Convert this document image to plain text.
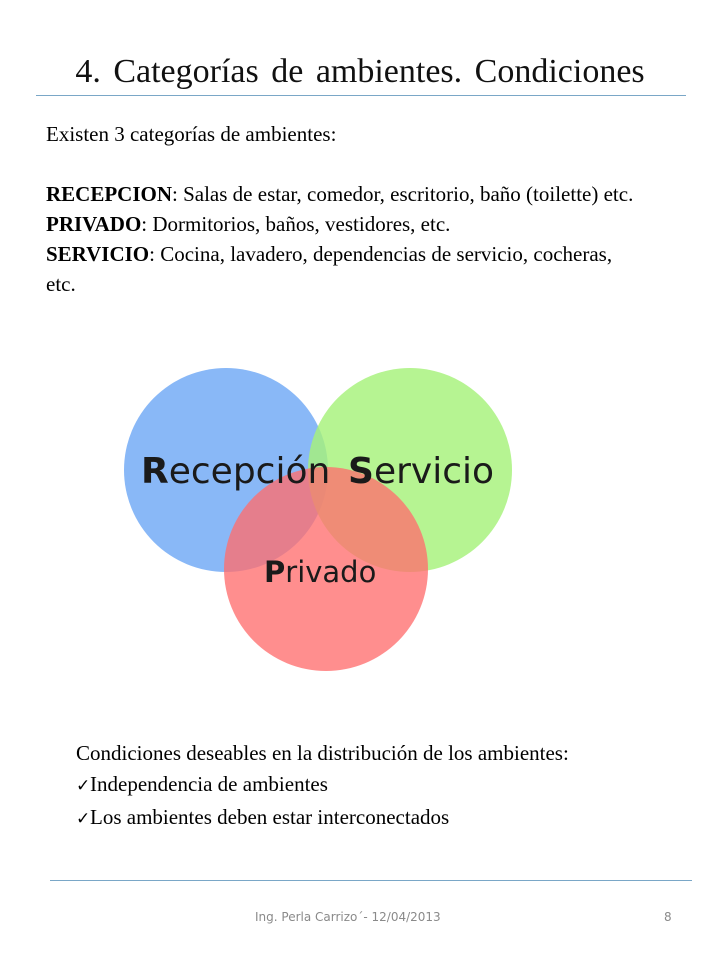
4. Categorías de ambientes. Condiciones

Existen 3 categorías de ambientes:

RECEPCION: Salas de estar, comedor, escritorio, baño (toilette) etc.

PRIVADO: Dormitorios, baños, vestidores, etc.

SERVICIO: Cocina, lavadero, dependencias de servicio, cocheras, etc.

Recepción Servicio
Privado

Condiciones deseables en la distribución de los ambientes:

✓Independencia de ambientes

✓Los ambientes deben estar interconectados

Ing. Perla Carrizo´- 12/04/2013	8
